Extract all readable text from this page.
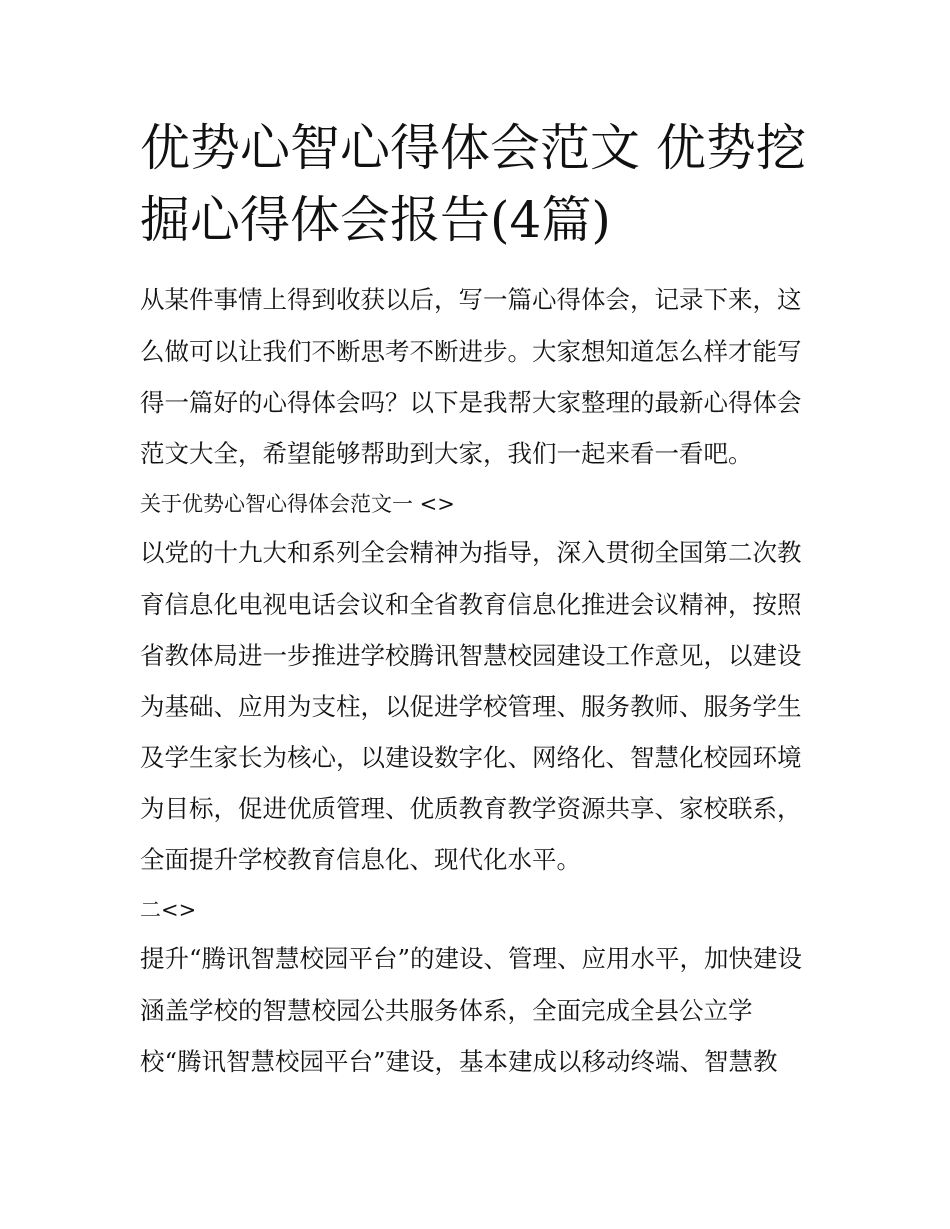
优势心智心得体会范文 优势挖掘心得体会报告(4篇)

从某件事情上得到收获以后，写一篇心得体会，记录下来，这

么做可以让我们不断思考不断进步。大家想知道怎么样才能写

得一篇好的心得体会吗？以下是我帮大家整理的最新心得体会

范文大全，希望能够帮助到大家，我们一起来看一看吧。

关于优势心智心得体会范文一 <>

以党的十九大和系列全会精神为指导，深入贯彻全国第二次教

育信息化电视电话会议和全省教育信息化推进会议精神，按照

省教体局进一步推进学校腾讯智慧校园建设工作意见，以建设

为基础、应用为支柱，以促进学校管理、服务教师、服务学生

及学生家长为核心，以建设数字化、网络化、智慧化校园环境

为目标，促进优质管理、优质教育教学资源共享、家校联系，

全面提升学校教育信息化、现代化水平。

二<>

提升“腾讯智慧校园平台”的建设、管理、应用水平，加快建设

涵盖学校的智慧校园公共服务体系，全面完成全县公立学

校“腾讯智慧校园平台”建设，基本建成以移动终端、智慧教
